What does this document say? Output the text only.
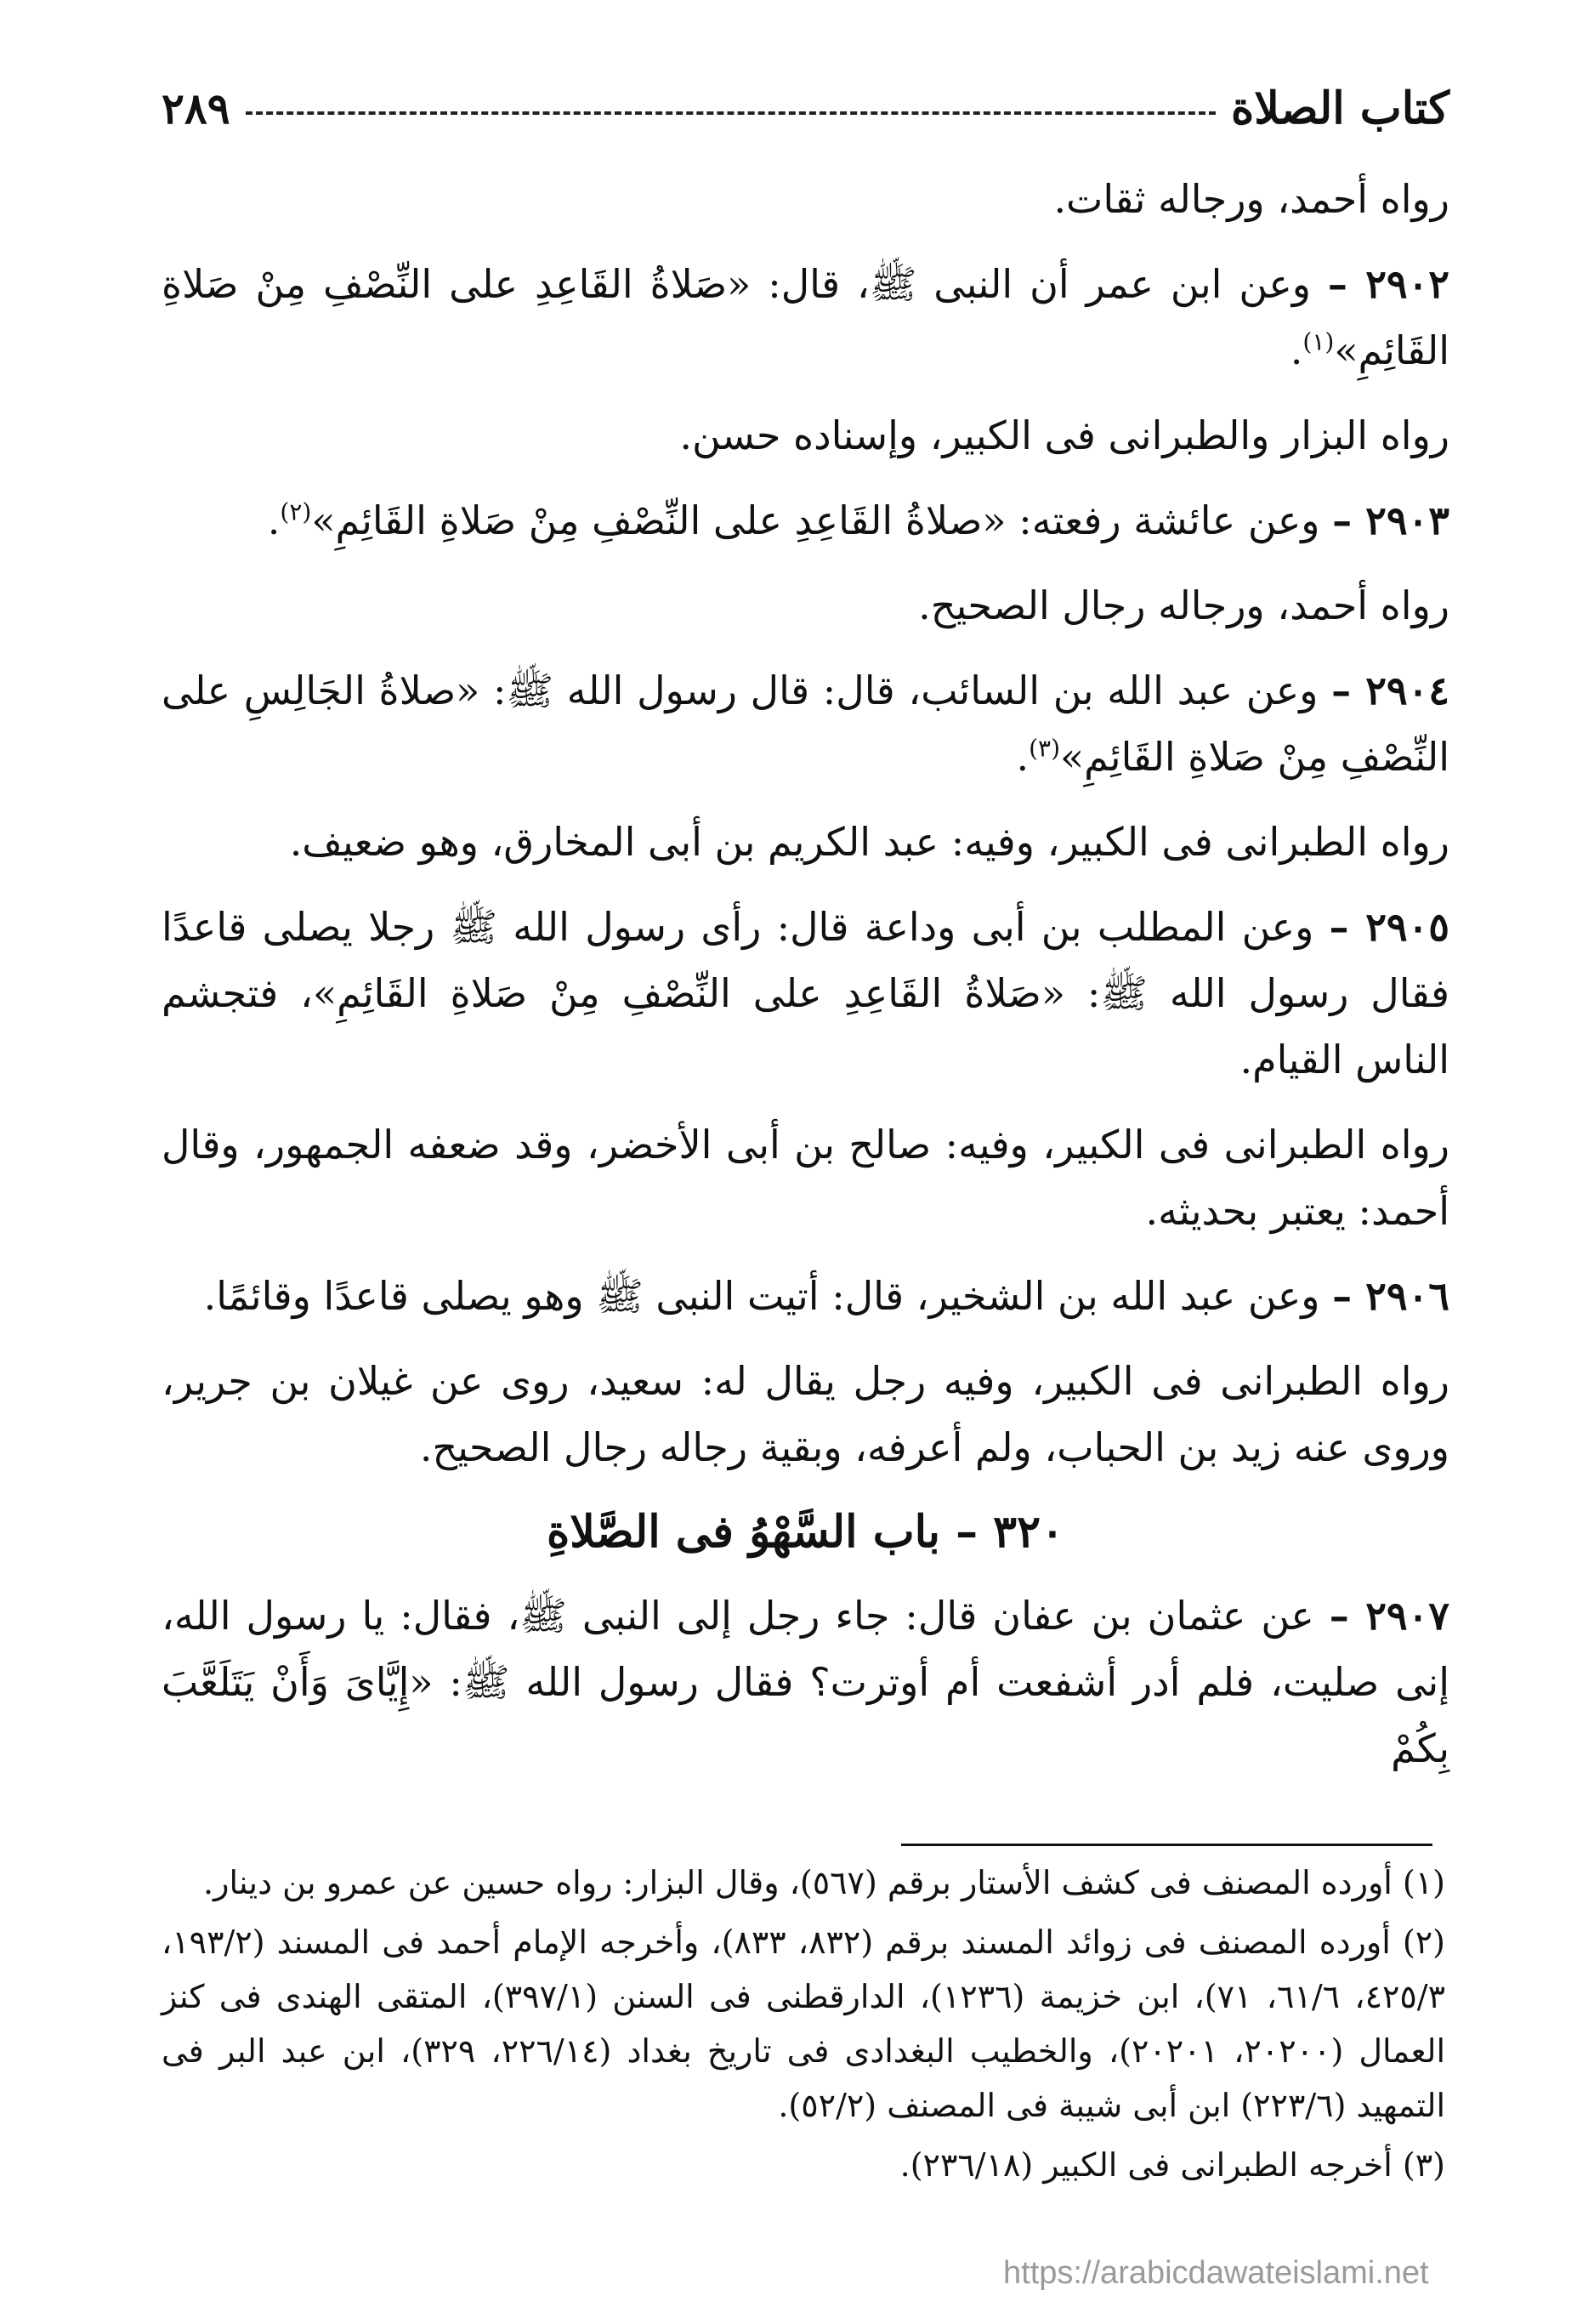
كتاب الصلاة
٢٨٩

رواه أحمد، ورجاله ثقات.

٢٩٠٢ – وعن ابن عمر أن النبى ﷺ، قال: «صَلاةُ القَاعِدِ على النِّصْفِ مِنْ صَلاةِ القَائِمِ»$^{(١)}$.

رواه البزار والطبرانى فى الكبير، وإسناده حسن.

٢٩٠٣ – وعن عائشة رفعته: «صلاةُ القَاعِدِ على النِّصْفِ مِنْ صَلاةِ القَائِمِ»$^{(٢)}$.

رواه أحمد، ورجاله رجال الصحيح.

٢٩٠٤ – وعن عبد الله بن السائب، قال: قال رسول الله ﷺ: «صلاةُ الجَالِسِ على النِّصْفِ مِنْ صَلاةِ القَائِمِ»$^{(٣)}$.

رواه الطبرانى فى الكبير، وفيه: عبد الكريم بن أبى المخارق، وهو ضعيف.

٢٩٠٥ – وعن المطلب بن أبى وداعة قال: رأى رسول الله ﷺ رجلا يصلى قاعدًا فقال رسول الله ﷺ: «صَلاةُ القَاعِدِ على النِّصْفِ مِنْ صَلاةِ القَائِمِ»، فتجشم الناس القيام.

رواه الطبرانى فى الكبير، وفيه: صالح بن أبى الأخضر، وقد ضعفه الجمهور، وقال أحمد: يعتبر بحديثه.

٢٩٠٦ – وعن عبد الله بن الشخير، قال: أتيت النبى ﷺ وهو يصلى قاعدًا وقائمًا.

رواه الطبرانى فى الكبير، وفيه رجل يقال له: سعيد، روى عن غيلان بن جرير، وروى عنه زيد بن الحباب، ولم أعرفه، وبقية رجاله رجال الصحيح.

٣٢٠ – باب السَّهْوُ فى الصَّلاةِ

٢٩٠٧ – عن عثمان بن عفان قال: جاء رجل إلى النبى ﷺ، فقال: يا رسول الله، إنى صليت، فلم أدر أشفعت أم أوترت؟ فقال رسول الله ﷺ: «إِيَّاىَ وَأَنْ يَتَلَعَّبَ بِكُمْ

(١) أورده المصنف فى كشف الأستار برقم (٥٦٧)، وقال البزار: رواه حسين عن عمرو بن دينار.

(٢) أورده المصنف فى زوائد المسند برقم (٨٣٢، ٨٣٣)، وأخرجه الإمام أحمد فى المسند (١٩٣/٢، ٤٢٥/٣، ٦١/٦، ٧١)، ابن خزيمة (١٢٣٦)، الدارقطنى فى السنن (٣٩٧/١)، المتقى الهندى فى كنز العمال (٢٠٢٠٠، ٢٠٢٠١)، والخطيب البغدادى فى تاريخ بغداد (٢٢٦/١٤، ٣٢٩)، ابن عبد البر فى التمهيد (٢٢٣/٦) ابن أبى شيبة فى المصنف (٥٢/٢).

(٣) أخرجه الطبرانى فى الكبير (٢٣٦/١٨).

https://arabicdawateislami.net
